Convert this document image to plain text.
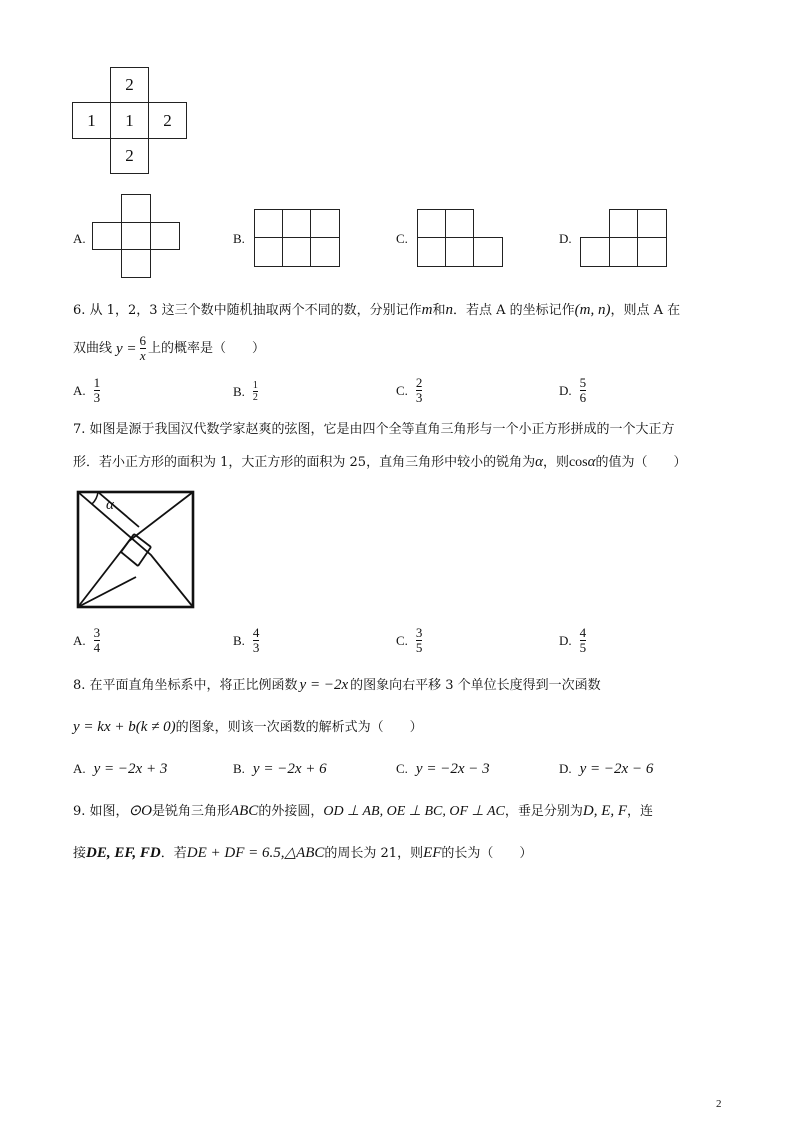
2
1	1	2
2
A.	B.	C.	D.
6. 从 1，2，3 这三个数中随机抽取两个不同的数，分别记作m和n．若点 A 的坐标记作(m, n)，则点 A 在
双曲线 $y = \frac{6}{x}$ 上的概率是（　　）
A. $\frac{1}{3}$	B. $\frac{1}{2}$	C. $\frac{2}{3}$	D. $\frac{5}{6}$
7. 如图是源于我国汉代数学家赵爽的弦图，它是由四个全等直角三角形与一个小正方形拼成的一个大正方
形．若小正方形的面积为 1，大正方形的面积为 25，直角三角形中较小的锐角为α，则cosα的值为（　　）
α
A. $\frac{3}{4}$	B. $\frac{4}{3}$	C. $\frac{3}{5}$	D. $\frac{4}{5}$
8. 在平面直角坐标系中，将正比例函数 y = −2x 的图象向右平移 3 个单位长度得到一次函数
y = kx + b(k ≠ 0)的图象，则该一次函数的解析式为（　　）
A. y = −2x + 3	B. y = −2x + 6	C. y = −2x − 3	D. y = −2x − 6
9. 如图，⊙O是锐角三角形ABC的外接圆，OD ⊥ AB, OE ⊥ BC, OF ⊥ AC，垂足分别为D, E, F，连
接DE, EF, FD．若DE + DF = 6.5,△ABC的周长为 21，则EF的长为（　　）
2
